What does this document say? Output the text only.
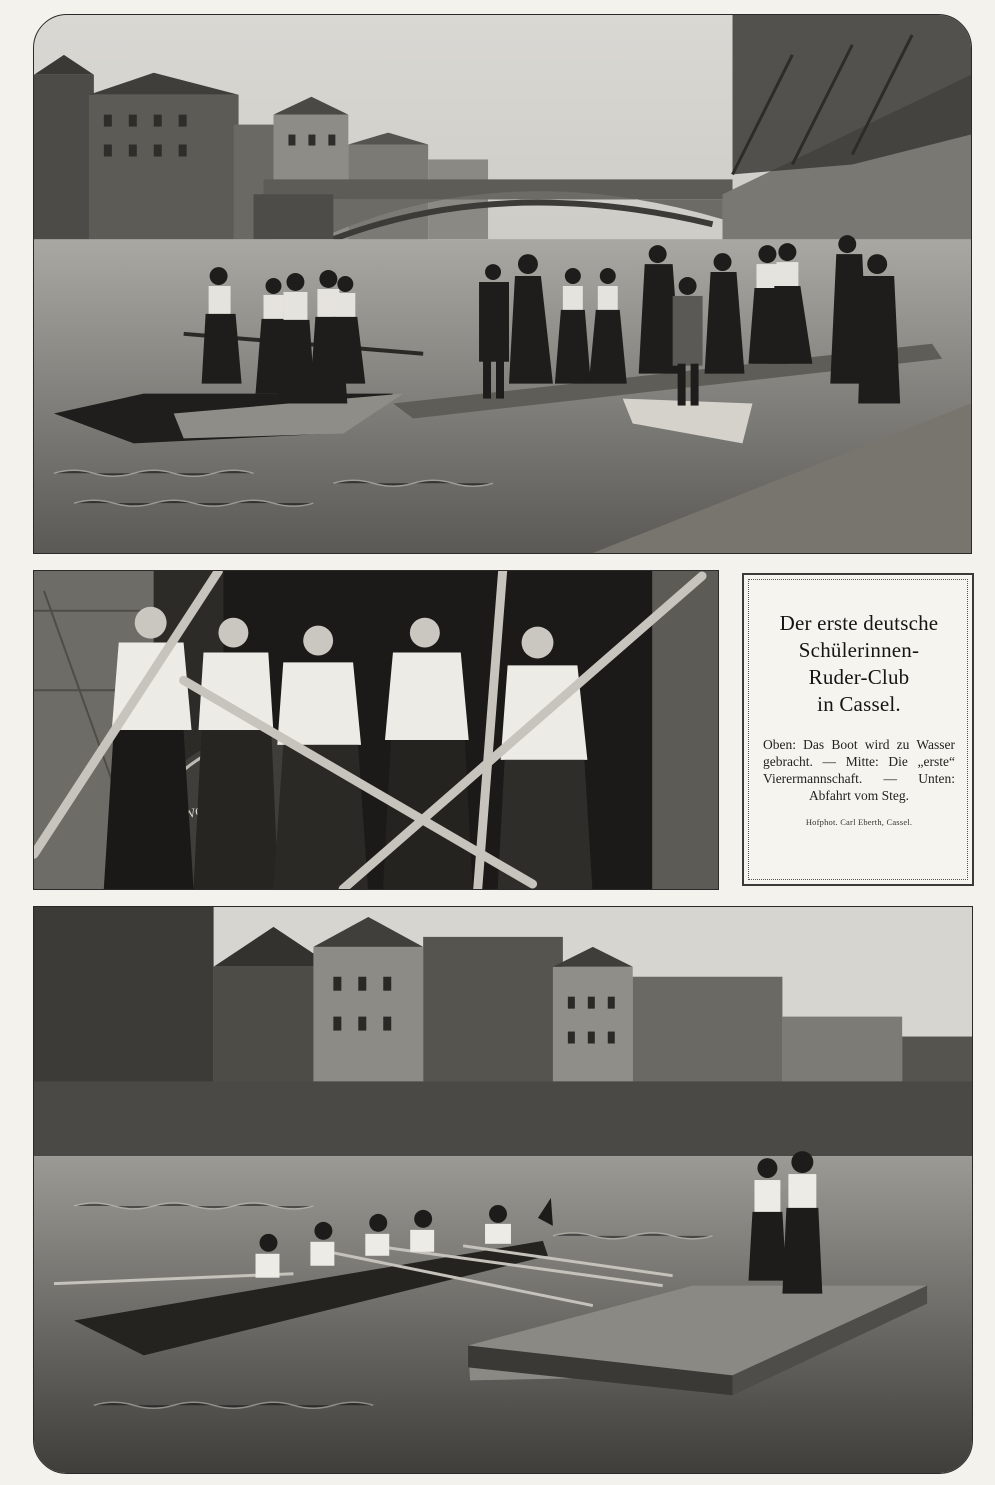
Der erste deutsche
Schülerinnen-
Ruder-Club
in Cassel.

Oben: Das Boot wird zu Wasser gebracht. — Mitte: Die „erste“ Vierermannschaft. — Unten: Abfahrt vom Steg.

Hofphot. Carl Eberth, Cassel.
